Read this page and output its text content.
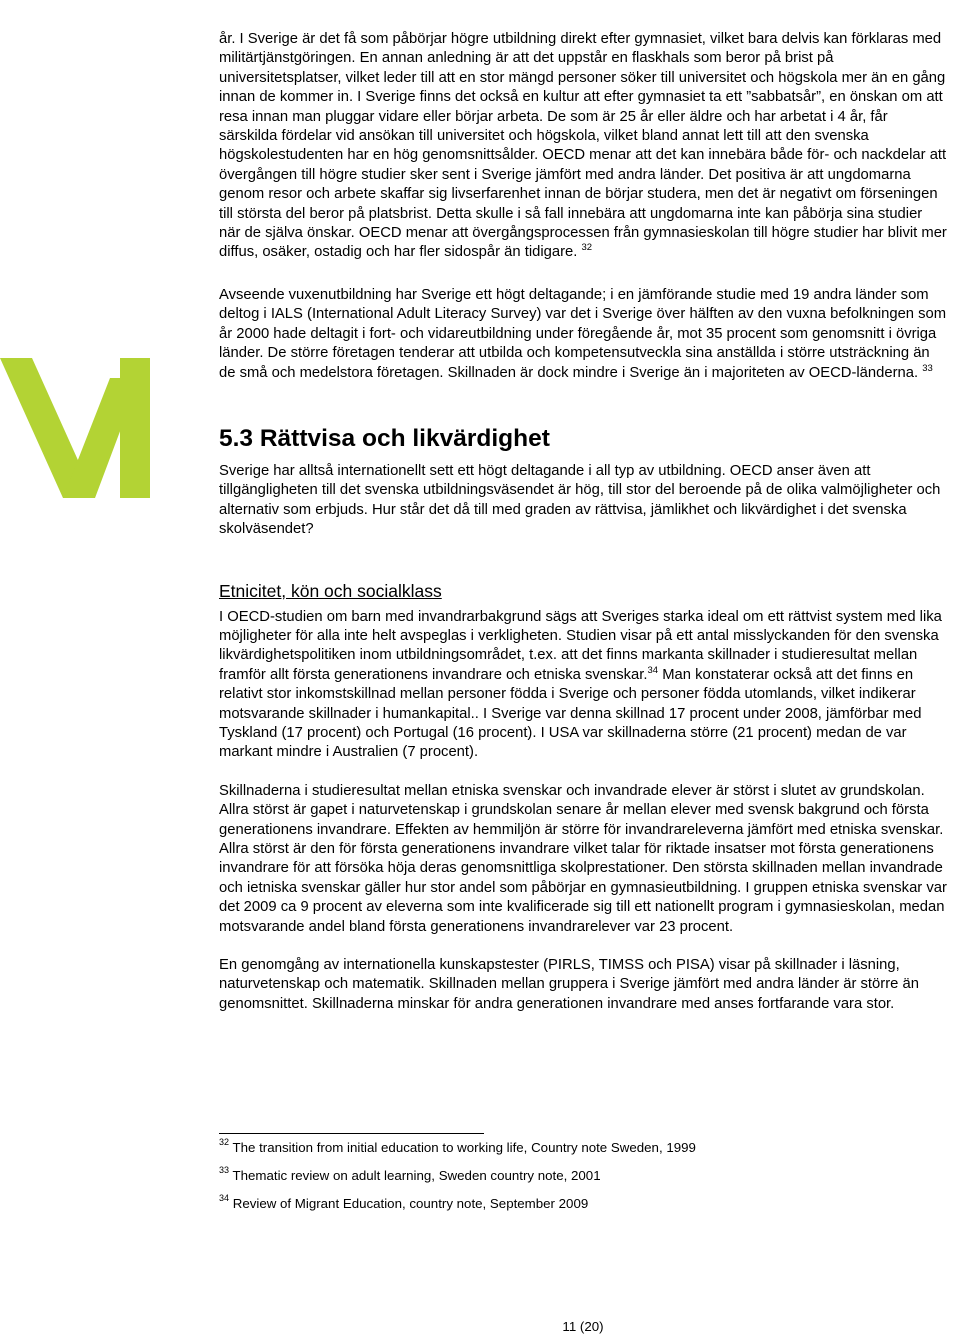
år. I Sverige är det få som påbörjar högre utbildning direkt efter gymnasiet, vilket bara delvis kan förklaras med militärtjänstgöringen. En annan anledning är att det uppstår en flaskhals som beror på brist på universitetsplatser, vilket leder till att en stor mängd personer söker till universitet och högskola mer än en gång innan de kommer in. I Sverige finns det också en kultur att efter gymnasiet ta ett ”sabbatsår”, en önskan om att resa innan man pluggar vidare eller börjar arbeta. De som är 25 år eller äldre och har arbetat i 4 år, får särskilda fördelar vid ansökan till universitet och högskola, vilket bland annat lett till att den svenska högskolestudenten har en hög genomsnittsålder. OECD menar att det kan innebära både för- och nackdelar att övergången till högre studier sker sent i Sverige jämfört med andra länder. Det positiva är att ungdomarna genom resor och arbete skaffar sig livserfarenhet innan de börjar studera, men det är negativt om förseningen till största del beror på platsbrist. Detta skulle i så fall innebära att ungdomarna inte kan påbörja sina studier när de själva önskar. OECD menar att övergångsprocessen från gymnasieskolan till högre studier har blivit mer diffus, osäker, ostadig och har fler sidospår än tidigare. $^{32}$

Avseende vuxenutbildning har Sverige ett högt deltagande; i en jämförande studie med 19 andra länder som deltog i IALS (International Adult Literacy Survey) var det i Sverige över hälften av den vuxna befolkningen som år 2000 hade deltagit i fort- och vidareutbildning under föregående år, mot 35 procent som genomsnitt i övriga länder. De större företagen tenderar att utbilda och kompetensutveckla sina anställda i större utsträckning än de små och medelstora företagen. Skillnaden är dock mindre i Sverige än i majoriteten av OECD-länderna. $^{33}$

5.3 Rättvisa och likvärdighet

Sverige har alltså internationellt sett ett högt deltagande i all typ av utbildning. OECD anser även att tillgängligheten till det svenska utbildningsväsendet är hög, till stor del beroende på de olika valmöjligheter och alternativ som erbjuds. Hur står det då till med graden av rättvisa, jämlikhet och likvärdighet i det svenska skolväsendet?

Etnicitet, kön och socialklass

I OECD-studien om barn med invandrarbakgrund sägs att Sveriges starka ideal om ett rättvist system med lika möjligheter för alla inte helt avspeglas i verkligheten. Studien visar på ett antal misslyckanden för den svenska likvärdighetspolitiken inom utbildningsområdet, t.ex. att det finns markanta skillnader i studieresultat mellan framför allt första generationens invandrare och etniska svenskar.$^{34}$ Man konstaterar också att det finns en relativt stor inkomstskillnad mellan personer födda i Sverige och personer födda utomlands, vilket indikerar motsvarande skillnader i humankapital.. I Sverige var denna skillnad 17 procent under 2008, jämförbar med Tyskland (17 procent) och Portugal (16 procent). I USA var skillnaderna större (21 procent) medan de var markant mindre i Australien (7 procent).

Skillnaderna i studieresultat mellan etniska svenskar och invandrade elever är störst i slutet av grundskolan. Allra störst är gapet i naturvetenskap i grundskolan senare år mellan elever med svensk bakgrund och första generationens invandrare. Effekten av hemmiljön är större för invandrareleverna jämfört med etniska svenskar. Allra störst är den för första generationens invandrare vilket talar för riktade insatser mot första generationens invandrare för att försöka höja deras genomsnittliga skolprestationer. Den största skillnaden mellan invandrade och ietniska svenskar gäller hur stor andel som påbörjar en gymnasieutbildning. I gruppen etniska svenskar var det 2009 ca 9 procent av eleverna som inte kvalificerade sig till ett nationellt program i gymnasieskolan, medan motsvarande andel bland första generationens invandrarelever var 23 procent.

En genomgång av internationella kunskapstester (PIRLS, TIMSS och PISA) visar på skillnader i läsning, naturvetenskap och matematik. Skillnaden mellan gruppera i Sverige jämfört med andra länder är större än genomsnittet. Skillnaderna minskar för andra generationen invandrare med anses fortfarande vara stor.

$^{32}$ The transition from initial education to working life, Country note Sweden, 1999

$^{33}$ Thematic review on adult learning, Sweden country note, 2001

$^{34}$ Review of Migrant Education, country note, September 2009

11 (20)
